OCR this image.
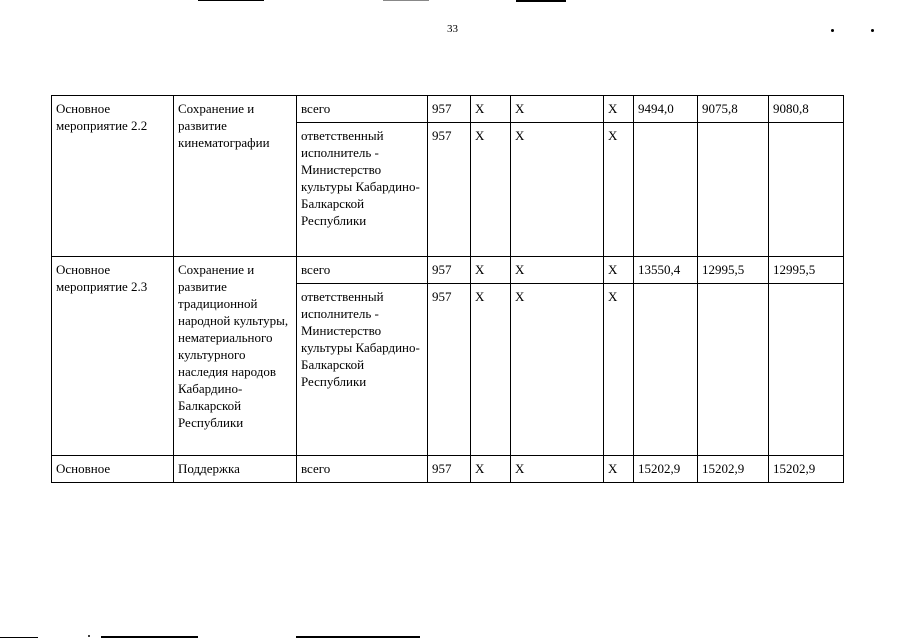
33
Основное мероприятие 2.2	Сохранение и развитие кинематографии	всего	957	X	X	X	9494,0	9075,8	9080,8
		ответственный исполнитель - Министерство культуры Кабардино-Балкарской Республики	957	X	X	X			
Основное мероприятие 2.3	Сохранение и развитие традиционной народной культуры, нематериального культурного наследия народов Кабардино-Балкарской Республики	всего	957	X	X	X	13550,4	12995,5	12995,5
		ответственный исполнитель - Министерство культуры Кабардино-Балкарской Республики	957	X	X	X			
Основное	Поддержка	всего	957	X	X	X	15202,9	15202,9	15202,9
